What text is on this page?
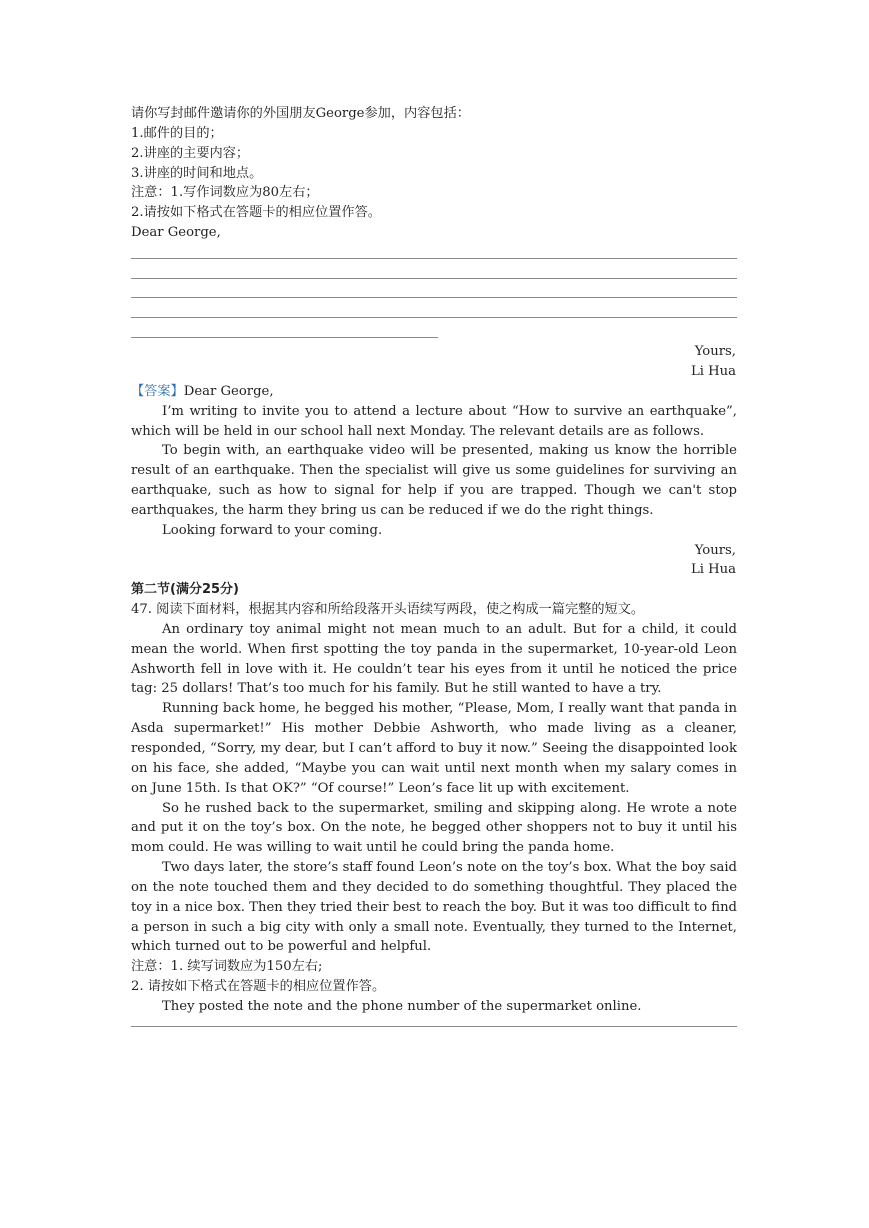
请你写封邮件邀请你的外国朋友George参加，内容包括：
1.邮件的目的；
2.讲座的主要内容；
3.讲座的时间和地点。
注意：1.写作词数应为80左右；
2.请按如下格式在答题卡的相应位置作答。
Dear George,
Yours,
Li Hua
【答案】Dear George,

I’m writing to invite you to attend a lecture about “How to survive an earthquake”, which will be held in our school hall next Monday. The relevant details are as follows.

To begin with, an earthquake video will be presented, making us know the horrible result of an earthquake. Then the specialist will give us some guidelines for surviving an earthquake, such as how to signal for help if you are trapped. Though we can't stop earthquakes, the harm they bring us can be reduced if we do the right things.

Looking forward to your coming.

Yours,
Li Hua
第二节(满分25分)
47. 阅读下面材料，根据其内容和所给段落开头语续写两段，使之构成一篇完整的短文。

An ordinary toy animal might not mean much to an adult. But for a child, it could mean the world. When first spotting the toy panda in the supermarket, 10-year-old Leon Ashworth fell in love with it. He couldn’t tear his eyes from it until he noticed the price tag: 25 dollars! That’s too much for his family. But he still wanted to have a try.

Running back home, he begged his mother, “Please, Mom, I really want that panda in Asda supermarket!” His mother Debbie Ashworth, who made living as a cleaner, responded, “Sorry, my dear, but I can’t afford to buy it now.” Seeing the disappointed look on his face, she added, “Maybe you can wait until next month when my salary comes in on June 15th. Is that OK?” “Of course!” Leon’s face lit up with excitement.

So he rushed back to the supermarket, smiling and skipping along. He wrote a note and put it on the toy’s box. On the note, he begged other shoppers not to buy it until his mom could. He was willing to wait until he could bring the panda home.

Two days later, the store’s staff found Leon’s note on the toy’s box. What the boy said on the note touched them and they decided to do something thoughtful. They placed the toy in a nice box. Then they tried their best to reach the boy. But it was too difficult to find a person in such a big city with only a small note. Eventually, they turned to the Internet, which turned out to be powerful and helpful.

注意：1. 续写词数应为150左右;
2. 请按如下格式在答题卡的相应位置作答。

They posted the note and the phone number of the supermarket online.
